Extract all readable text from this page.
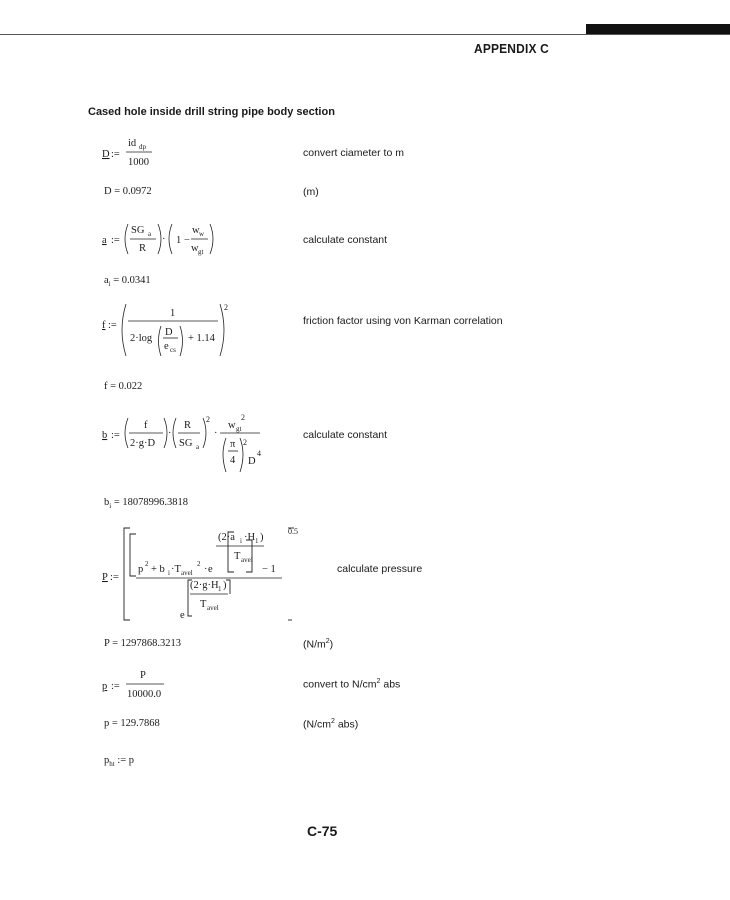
APPENDIX C
Cased hole inside drill string pipe body section
D :=
id dp
1000
convert ciameter to m
D = 0.0972	(m)
a :=
SG a
R
· 1 −
w w
w gt
calculate constant
$a_i = 0.0341$
f :=
1
2·log
D
e cs
+ 1.14
2
friction factor using von Karman correlation
f = 0.022
b :=
f
2·g·D
·
R
SG a
2
·
w gt
2
π
4
2
D
4
calculate constant
$b_i = 18078996.3818$
P :=
0.5
(2·a i ·H 1 )
T avel
p 2 + b i ·T avel
2 · e	− 1
(2·g·H 1 )
T avel
e
calculate pressure
P = 1297868.3213	$(N/m^2)$
p :=
P
10000.0
convert to $N/cm^2$ abs
p = 129.7868	($N/cm^2$ abs)
$p_{ht}$ := p
C-75
